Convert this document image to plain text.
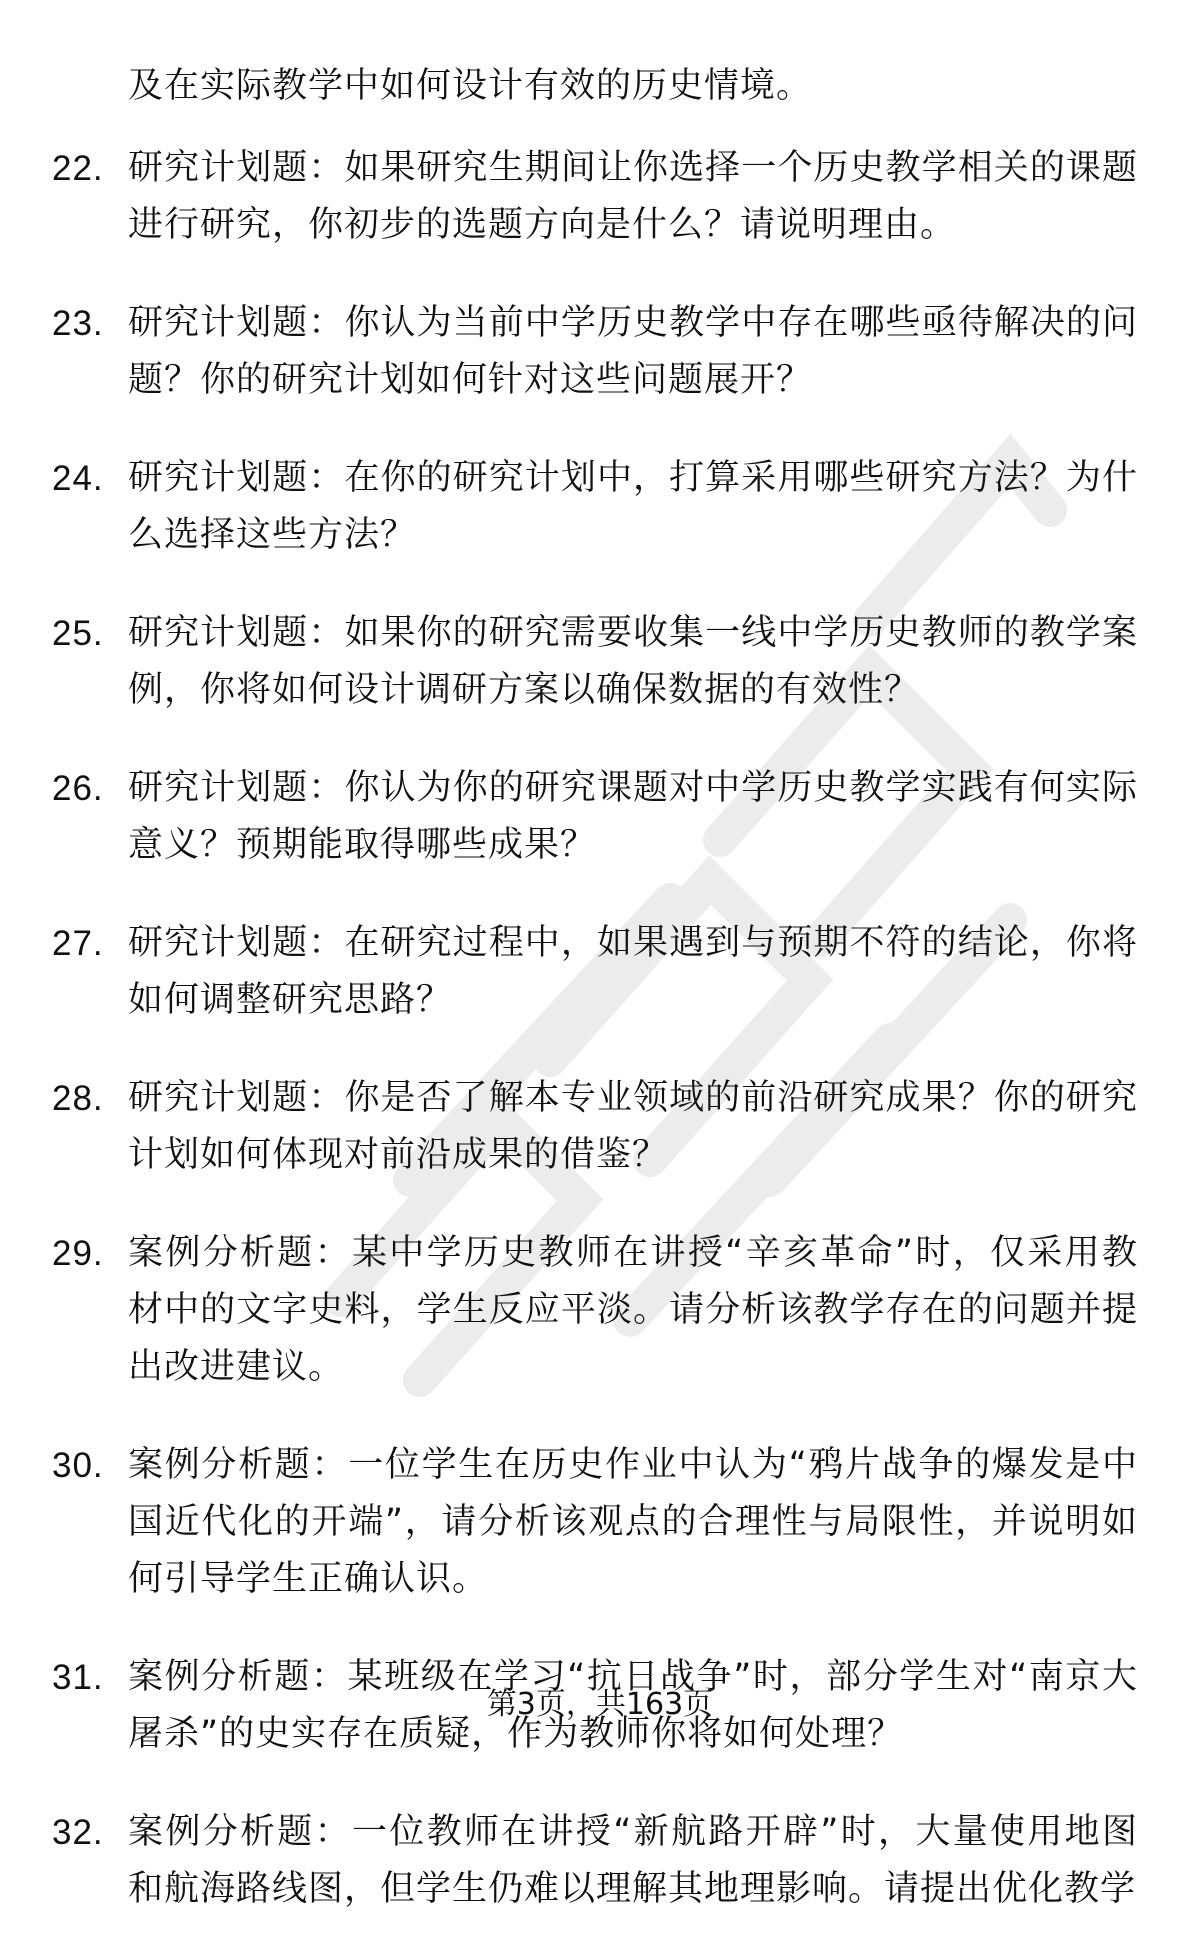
及在实际教学中如何设计有效的历史情境。
22. 研究计划题：如果研究生期间让你选择一个历史教学相关的课题进行研究，你初步的选题方向是什么？请说明理由。
23. 研究计划题：你认为当前中学历史教学中存在哪些亟待解决的问题？你的研究计划如何针对这些问题展开？
24. 研究计划题：在你的研究计划中，打算采用哪些研究方法？为什么选择这些方法？
25. 研究计划题：如果你的研究需要收集一线中学历史教师的教学案例，你将如何设计调研方案以确保数据的有效性？
26. 研究计划题：你认为你的研究课题对中学历史教学实践有何实际意义？预期能取得哪些成果？
27. 研究计划题：在研究过程中，如果遇到与预期不符的结论，你将如何调整研究思路？
28. 研究计划题：你是否了解本专业领域的前沿研究成果？你的研究计划如何体现对前沿成果的借鉴？
29. 案例分析题：某中学历史教师在讲授“辛亥革命”时，仅采用教材中的文字史料，学生反应平淡。请分析该教学存在的问题并提出改进建议。
30. 案例分析题：一位学生在历史作业中认为“鸦片战争的爆发是中国近代化的开端”，请分析该观点的合理性与局限性，并说明如何引导学生正确认识。
31. 案例分析题：某班级在学习“抗日战争”时，部分学生对“南京大屠杀”的史实存在质疑，作为教师你将如何处理？
32. 案例分析题：一位教师在讲授“新航路开辟”时，大量使用地图和航海路线图，但学生仍难以理解其地理影响。请提出优化教学
第3页，共163页
